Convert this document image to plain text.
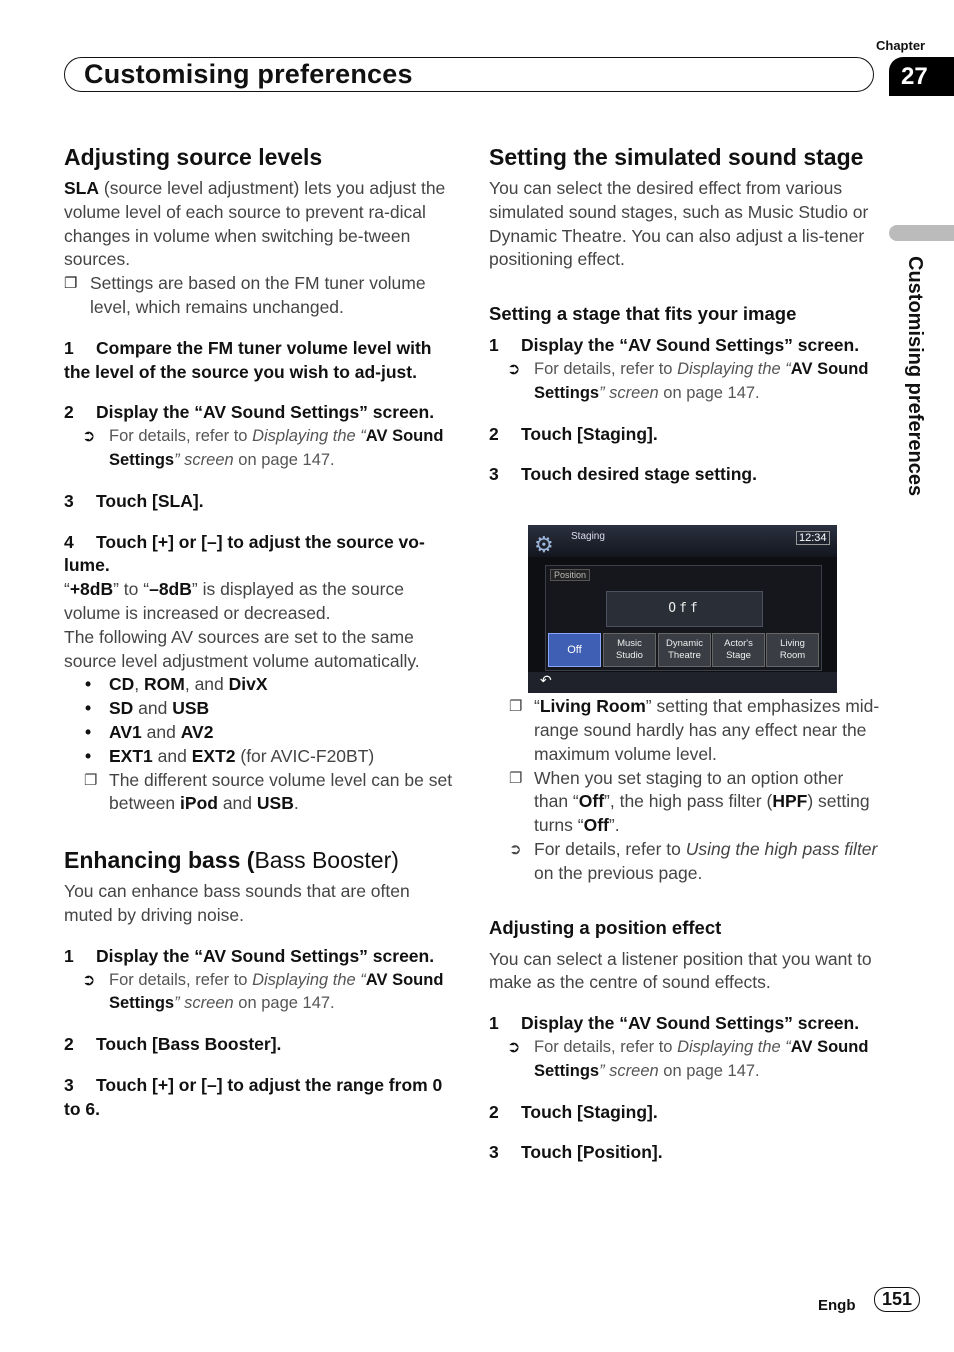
Chapter
Customising preferences	27
Customising preferences
Adjusting source levels

SLA (source level adjustment) lets you adjust the volume level of each source to prevent ra-dical changes in volume when switching be-tween sources.

❐ Settings are based on the FM tuner volume level, which remains unchanged.

1 Compare the FM tuner volume level with the level of the source you wish to ad-just.

2 Display the “AV Sound Settings” screen.

➲ For details, refer to Displaying the “AV Sound Settings” screen on page 147.

3 Touch [SLA].

4 Touch [+] or [–] to adjust the source vo-lume.

“+8dB” to “–8dB” is displayed as the source volume is increased or decreased.

The following AV sources are set to the same source level adjustment volume automatically.

• CD, ROM, and DivX
• SD and USB
• AV1 and AV2
• EXT1 and EXT2 (for AVIC-F20BT)
❐ The different source volume level can be set between iPod and USB.
Enhancing bass (Bass Booster)

You can enhance bass sounds that are often muted by driving noise.

1 Display the “AV Sound Settings” screen.

➲ For details, refer to Displaying the “AV Sound Settings” screen on page 147.

2 Touch [Bass Booster].

3 Touch [+] or [–] to adjust the range from 0 to 6.

Setting the simulated sound stage

You can select the desired effect from various simulated sound stages, such as Music Studio or Dynamic Theatre. You can also adjust a lis-tener positioning effect.

Setting a stage that fits your image

1 Display the “AV Sound Settings” screen.

➲ For details, refer to Displaying the “AV Sound Settings” screen on page 147.

2 Touch [Staging].

3 Touch desired stage setting.

❐ “Living Room” setting that emphasizes mid-range sound hardly has any effect near the maximum volume level.
❐ When you set staging to an option other than “Off”, the high pass filter (HPF) setting turns “Off”.
➲ For details, refer to Using the high pass filter on the previous page.
Adjusting a position effect

You can select a listener position that you want to make as the centre of sound effects.

1 Display the “AV Sound Settings” screen.

➲ For details, refer to Displaying the “AV Sound Settings” screen on page 147.

2 Touch [Staging].

3 Touch [Position].

⚙ Staging	12:34
Position
Off
Off
Music Studio
Dynamic Theatre
Actor's Stage
Living Room
↶
Engb	151
